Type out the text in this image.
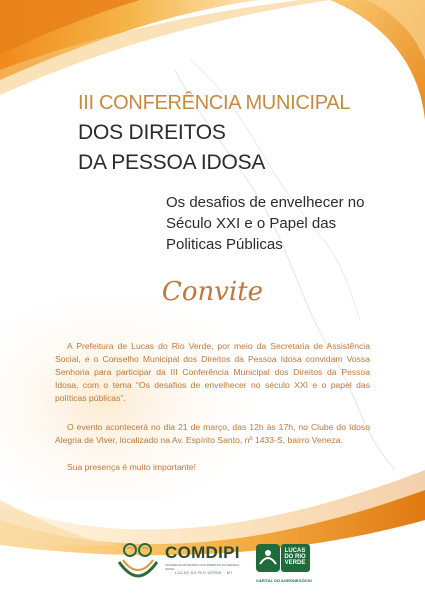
III CONFERÊNCIA MUNICIPAL
DOS DIREITOS
DA PESSOA IDOSA
Os desafios de envelhecer no
Século XXI e o Papel das
Politicas Públicas

Convite

A Prefeitura de Lucas do Rio Verde, por meio da Secretaria de Assistência Social, e o Conselho Municipal dos Direitos da Pessoa Idosa convidam Vossa Senhoria para participar da III Conferência Municipal dos Direitos da Pessoa Idosa, com o tema “Os desafios de envelhecer no século XXI e o papel das políticas públicas”.

O evento acontecerá no dia 21 de março, das 12h às 17h, no Clube do Idoso Alegria de Viver, localizado na Av. Espírito Santo, nº 1433-S, bairro Veneza.

Sua presença é muito importante!

COMDIPI
CONSELHO MUNICIPAL DOS DIREITOS DA PESSOA IDOSA
LUCAS DO RIO VERDE - MT
LUCAS DO RIO VERDE
CAPITAL DO AGRONEGÓCIO
